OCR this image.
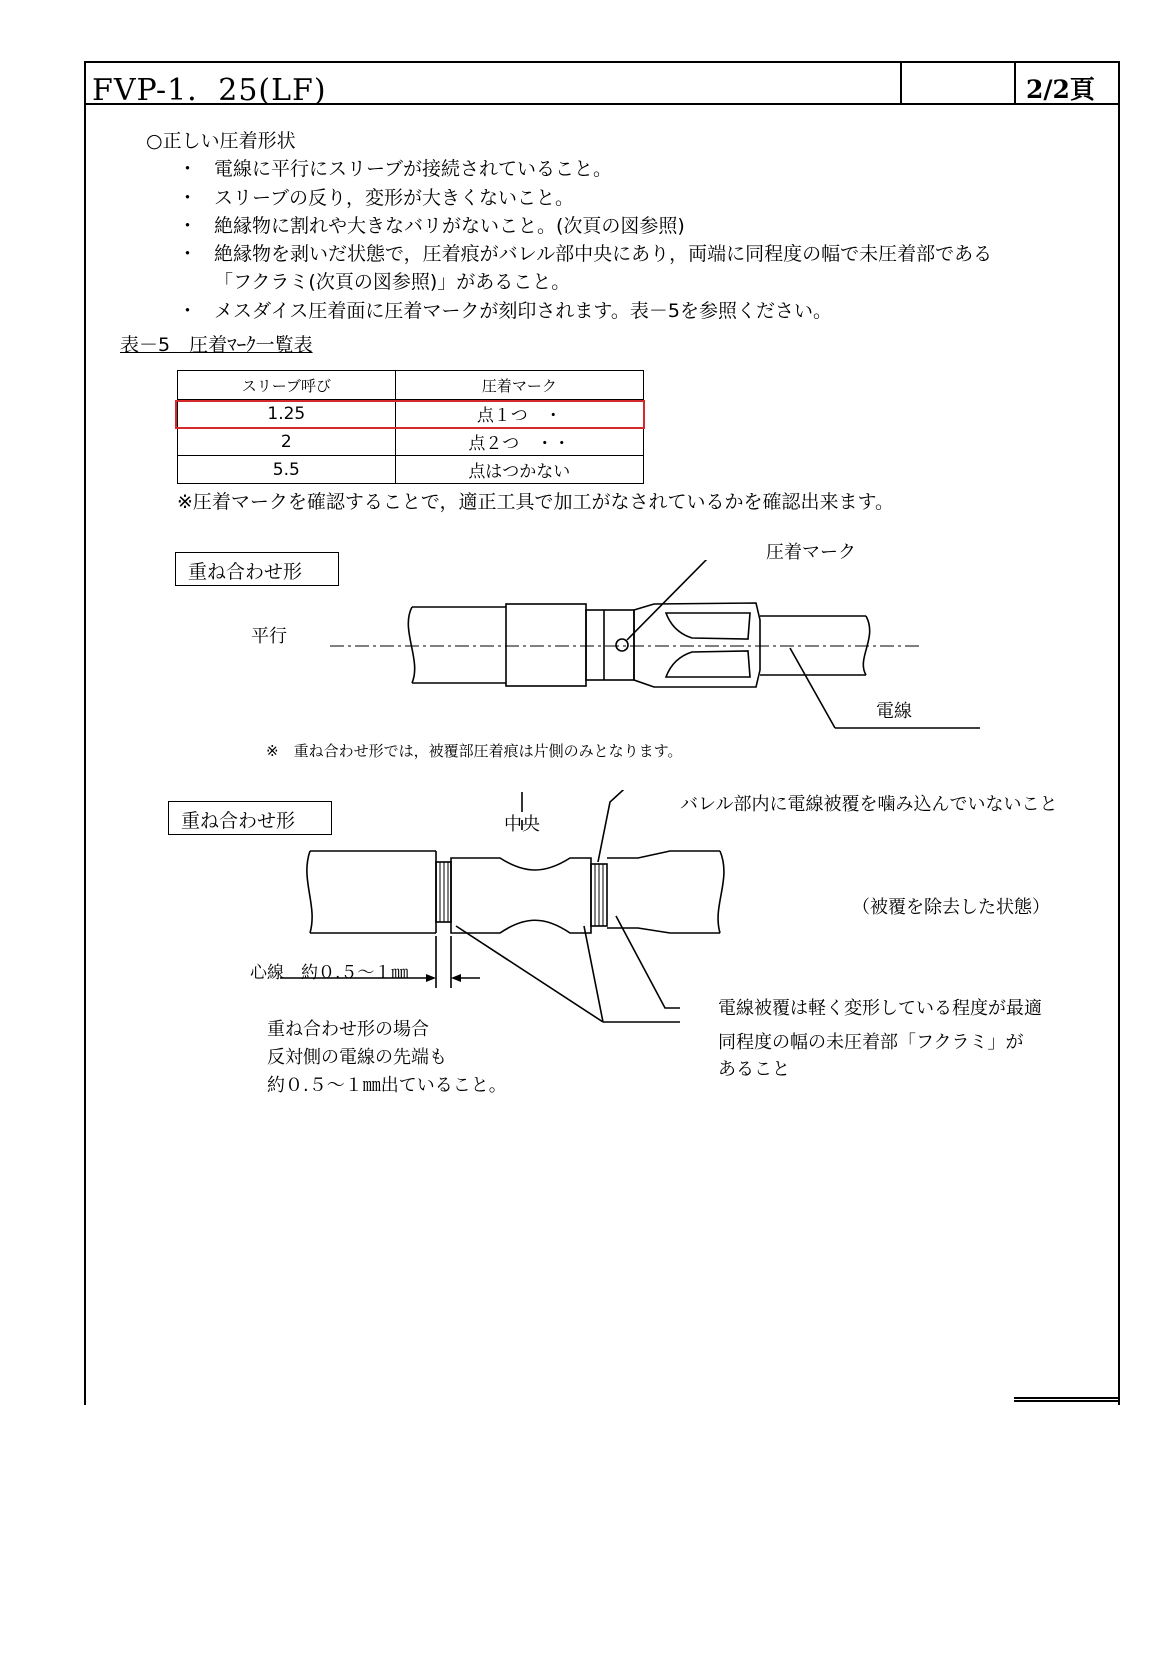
FVP-1．25(LF)	2/2頁
○正しい圧着形状
・ 電線に平行にスリーブが接続されていること。
・ スリーブの反り，変形が大きくないこと。
・ 絶縁物に割れや大きなバリがないこと。(次頁の図参照)
・ 絶縁物を剥いだ状態で，圧着痕がバレル部中央にあり，両端に同程度の幅で未圧着部である
「フクラミ(次頁の図参照)」があること。
・ メスダイス圧着面に圧着マークが刻印されます。表－5を参照ください。
表－5　圧着ﾏｰｸ一覧表
スリーブ呼び	圧着マーク
1.25	点１つ　・
2	点２つ　・・
5.5	点はつかない
※圧着マークを確認することで，適正工具で加工がなされているかを確認出来ます。
重ね合わせ形
平行
圧着マーク
電線
※　重ね合わせ形では，被覆部圧着痕は片側のみとなります。
重ね合わせ形	中央
バレル部内に電線被覆を噛み込んでいないこと
（被覆を除去した状態）
心線　約０.５～１㎜
電線被覆は軽く変形している程度が最適
同程度の幅の未圧着部「フクラミ」が
あること
重ね合わせ形の場合
反対側の電線の先端も
約０.５～１㎜出ていること。
